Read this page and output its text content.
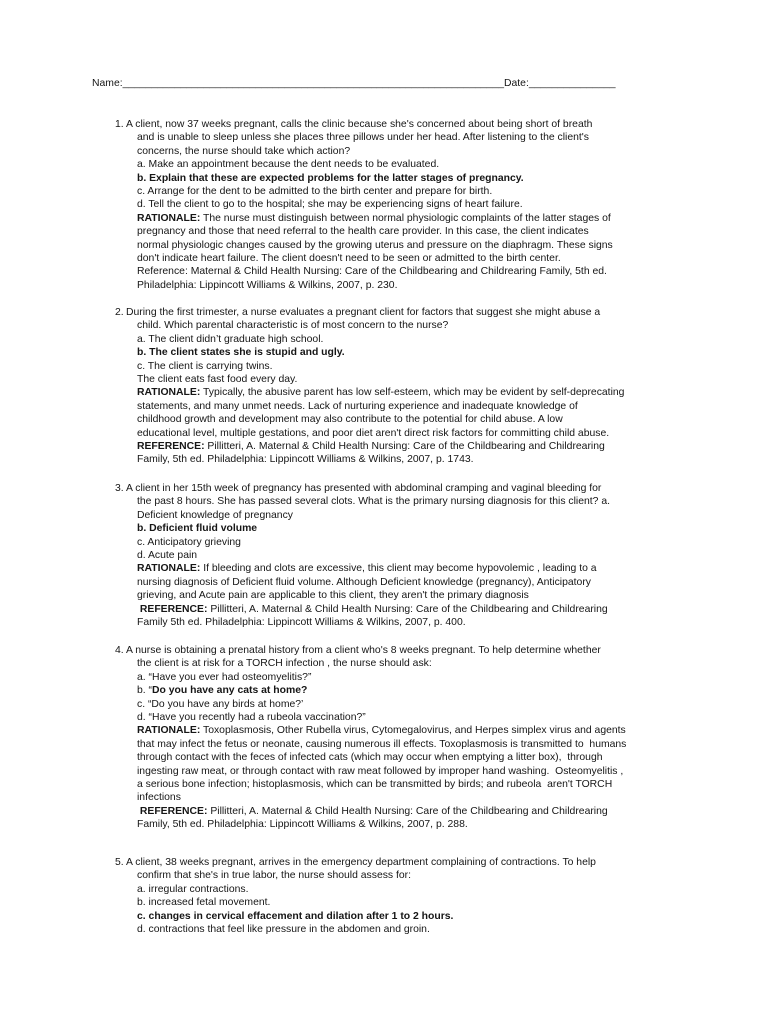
Name:__________________________________________________________________Date:_______________
1. A client, now 37 weeks pregnant, calls the clinic because she's concerned about being short of breath
and is unable to sleep unless she places three pillows under her head. After listening to the client's
concerns, the nurse should take which action?
a. Make an appointment because the dent needs to be evaluated.
b. Explain that these are expected problems for the latter stages of pregnancy.
c. Arrange for the dent to be admitted to the birth center and prepare for birth.
d. Tell the client to go to the hospital; she may be experiencing signs of heart failure.
RATIONALE: The nurse must distinguish between normal physiologic complaints of the latter stages of
pregnancy and those that need referral to the health care provider. In this case, the client indicates
normal physiologic changes caused by the growing uterus and pressure on the diaphragm. These signs
don't indicate heart failure. The client doesn't need to be seen or admitted to the birth center.
Reference: Maternal & Child Health Nursing: Care of the Childbearing and Childrearing Family, 5th ed.
Philadelphia: Lippincott Williams & Wilkins, 2007, p. 230.
2. During the first trimester, a nurse evaluates a pregnant client for factors that suggest she might abuse a
child. Which parental characteristic is of most concern to the nurse?
a. The client didn’t graduate high school.
b. The client states she is stupid and ugly.
c. The client is carrying twins.
The client eats fast food every day.
RATIONALE: Typically, the abusive parent has low self-esteem, which may be evident by self-deprecating
statements, and many unmet needs. Lack of nurturing experience and inadequate knowledge of
childhood growth and development may also contribute to the potential for child abuse. A low
educational level, multiple gestations, and poor diet aren't direct risk factors for committing child abuse.
REFERENCE: Pillitteri, A. Maternal & Child Health Nursing: Care of the Childbearing and Childrearing
Family, 5th ed. Philadelphia: Lippincott Williams & Wilkins, 2007, p. 1743.
3. A client in her 15th week of pregnancy has presented with abdominal cramping and vaginal bleeding for
the past 8 hours. She has passed several clots. What is the primary nursing diagnosis for this client? a.
Deficient knowledge of pregnancy
b. Deficient fluid volume
c. Anticipatory grieving
d. Acute pain
RATIONALE: If bleeding and clots are excessive, this client may become hypovolemic , leading to a
nursing diagnosis of Deficient fluid volume. Although Deficient knowledge (pregnancy), Anticipatory
grieving, and Acute pain are applicable to this client, they aren't the primary diagnosis
REFERENCE: Pillitteri, A. Maternal & Child Health Nursing: Care of the Childbearing and Childrearing
Family 5th ed. Philadelphia: Lippincott Williams & Wilkins, 2007, p. 400.
4. A nurse is obtaining a prenatal history from a client who's 8 weeks pregnant. To help determine whether
the client is at risk for a TORCH infection , the nurse should ask:
a. “Have you ever had osteomyelitis?”
b. “Do you have any cats at home?
c. “Do you have any birds at home?’
d. “Have you recently had a rubeola vaccination?”
RATIONALE: Toxoplasmosis, Other Rubella virus, Cytomegalovirus, and Herpes simplex virus and agents
that may infect the fetus or neonate, causing numerous ill effects. Toxoplasmosis is transmitted to  humans
through contact with the feces of infected cats (which may occur when emptying a litter box),  through
ingesting raw meat, or through contact with raw meat followed by improper hand washing.  Osteomyelitis ,
a serious bone infection; histoplasmosis, which can be transmitted by birds; and rubeola  aren't TORCH
infections
REFERENCE: Pillitteri, A. Maternal & Child Health Nursing: Care of the Childbearing and Childrearing
Family, 5th ed. Philadelphia: Lippincott Williams & Wilkins, 2007, p. 288.
5. A client, 38 weeks pregnant, arrives in the emergency department complaining of contractions. To help
confirm that she's in true labor, the nurse should assess for:
a. irregular contractions.
b. increased fetal movement.
c. changes in cervical effacement and dilation after 1 to 2 hours.
d. contractions that feel like pressure in the abdomen and groin.
